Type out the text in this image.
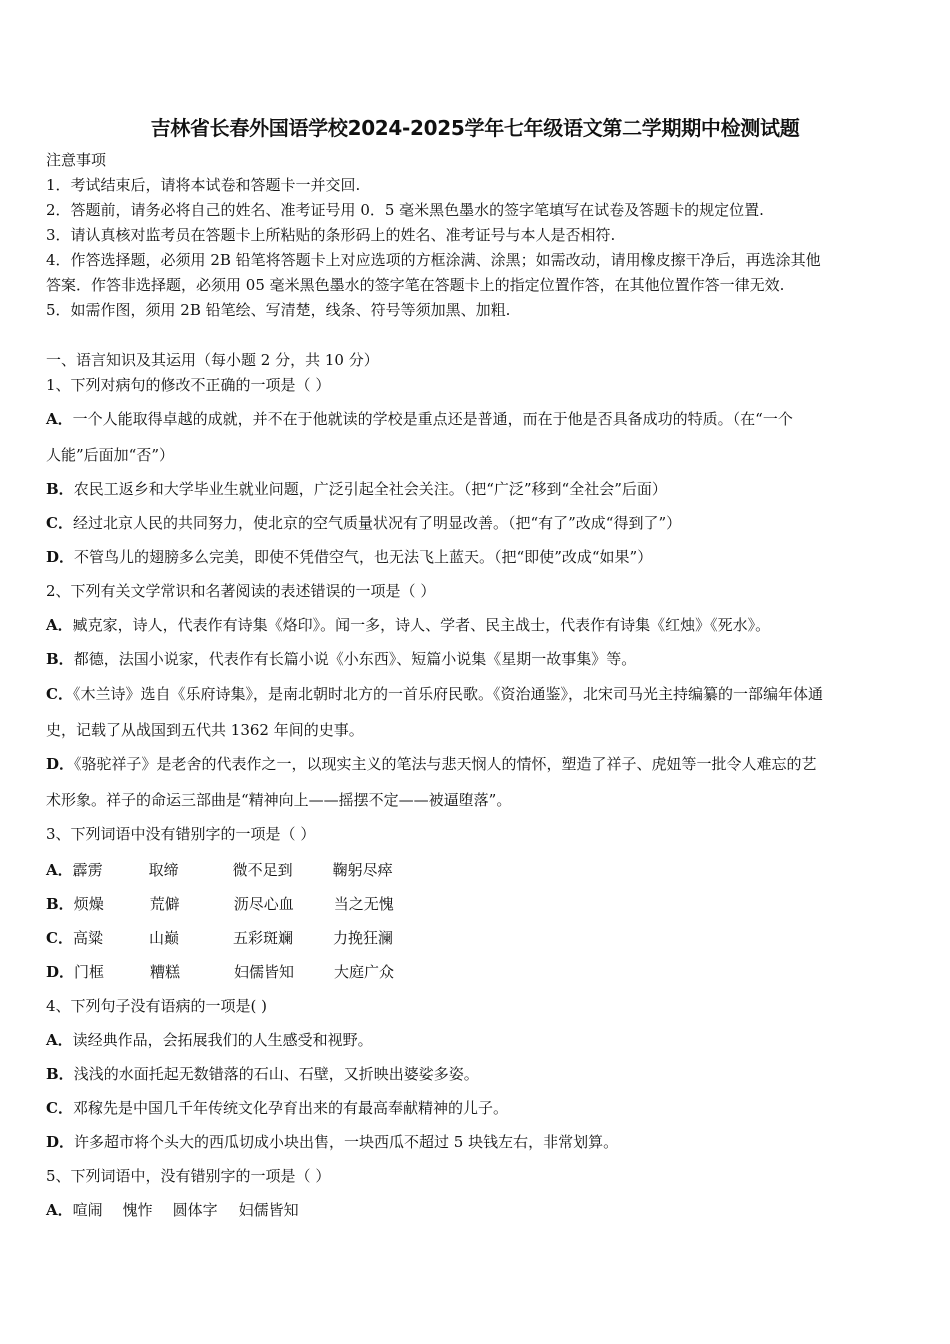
吉林省长春外国语学校2024-2025学年七年级语文第二学期期中检测试题
注意事项
1．考试结束后，请将本试卷和答题卡一并交回.
2．答题前，请务必将自己的姓名、准考证号用 0．5 毫米黑色墨水的签字笔填写在试卷及答题卡的规定位置.
3．请认真核对监考员在答题卡上所粘贴的条形码上的姓名、准考证号与本人是否相符.
4．作答选择题，必须用 2B 铅笔将答题卡上对应选项的方框涂满、涂黑；如需改动，请用橡皮擦干净后，再选涂其他
答案．作答非选择题，必须用 05 毫米黑色墨水的签字笔在答题卡上的指定位置作答，在其他位置作答一律无效.
5．如需作图，须用 2B 铅笔绘、写清楚，线条、符号等须加黑、加粗.
一、语言知识及其运用（每小题 2 分，共 10 分）
1、下列对病句的修改不正确的一项是（ ）
A．一个人能取得卓越的成就，并不在于他就读的学校是重点还是普通，而在于他是否具备成功的特质。（在“一个
人能”后面加“否”）
B．农民工返乡和大学毕业生就业问题，广泛引起全社会关注。（把“广泛”移到“全社会”后面）
C．经过北京人民的共同努力，使北京的空气质量状况有了明显改善。（把“有了”改成“得到了”）
D．不管鸟儿的翅膀多么完美，即使不凭借空气，也无法飞上蓝天。（把“即使”改成“如果”）
2、下列有关文学常识和名著阅读的表述错误的一项是（ ）
A．臧克家，诗人，代表作有诗集《烙印》。闻一多，诗人、学者、民主战士，代表作有诗集《红烛》《死水》。
B．都德，法国小说家，代表作有长篇小说《小东西》、短篇小说集《星期一故事集》等。
C．《木兰诗》选自《乐府诗集》，是南北朝时北方的一首乐府民歌。《资治通鉴》，北宋司马光主持编纂的一部编年体通
史，记载了从战国到五代共 1362 年间的史事。
D．《骆驼祥子》是老舍的代表作之一，以现实主义的笔法与悲天悯人的情怀，塑造了祥子、虎妞等一批令人难忘的艺
术形象。祥子的命运三部曲是“精神向上——摇摆不定——被逼堕落”。
3、下列词语中没有错别字的一项是（ ）
A．霹雳	取缔	微不足到	鞠躬尽瘁
B．烦燥	荒僻	沥尽心血	当之无愧
C．高粱	山巅	五彩斑斓	力挽狂澜
D．门框	糟糕	妇儒皆知	大庭广众
4、下列句子没有语病的一项是( )
A．读经典作品，会拓展我们的人生感受和视野。
B．浅浅的水面托起无数错落的石山、石壁，又折映出婆娑多姿。
C．邓稼先是中国几千年传统文化孕育出来的有最高奉献精神的儿子。
D．许多超市将个头大的西瓜切成小块出售，一块西瓜不超过 5 块钱左右，非常划算。
5、下列词语中，没有错别字的一项是（ ）
A．喧闹 愧怍 圆体字 妇儒皆知
